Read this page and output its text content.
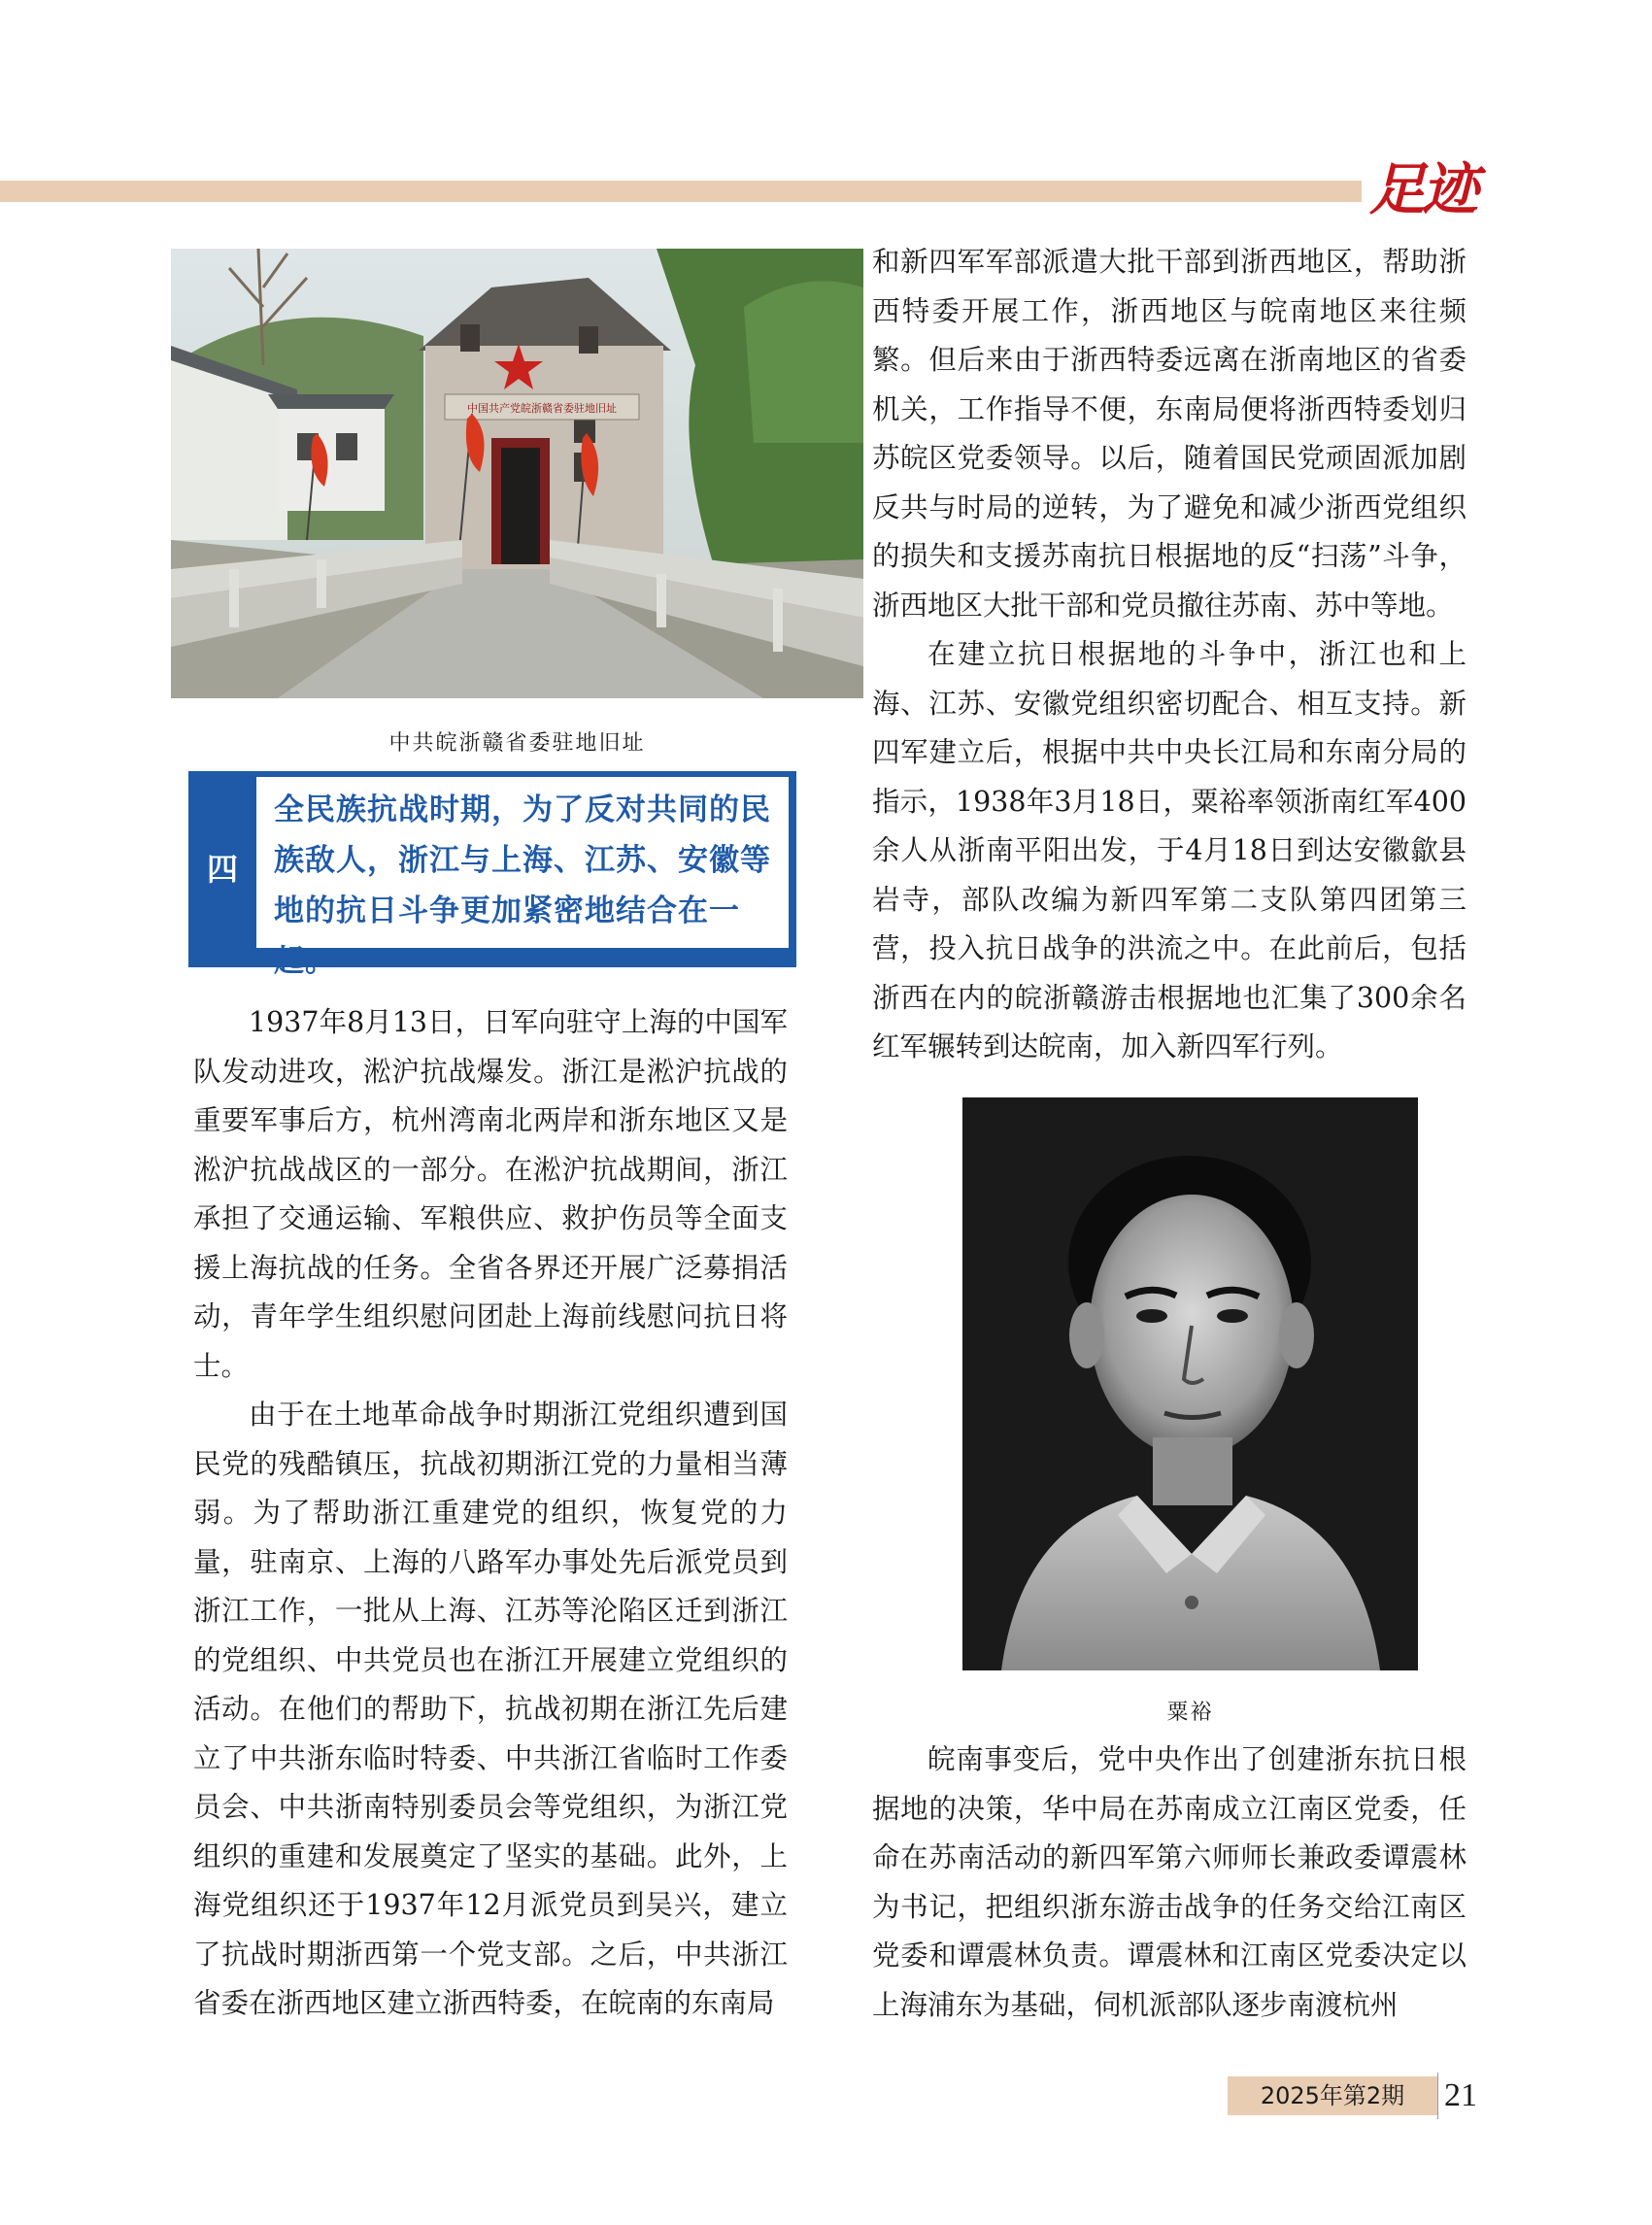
足迹
中国共产党皖浙赣省委驻地旧址
中共皖浙赣省委驻地旧址
四
全民族抗战时期，为了反对共同的民族敌人，浙江与上海、江苏、安徽等地的抗日斗争更加紧密地结合在一起。

1937年8月13日，日军向驻守上海的中国军队发动进攻，淞沪抗战爆发。浙江是淞沪抗战的重要军事后方，杭州湾南北两岸和浙东地区又是淞沪抗战战区的一部分。在淞沪抗战期间，浙江承担了交通运输、军粮供应、救护伤员等全面支援上海抗战的任务。全省各界还开展广泛募捐活动，青年学生组织慰问团赴上海前线慰问抗日将士。

由于在土地革命战争时期浙江党组织遭到国民党的残酷镇压，抗战初期浙江党的力量相当薄弱。为了帮助浙江重建党的组织，恢复党的力量，驻南京、上海的八路军办事处先后派党员到浙江工作，一批从上海、江苏等沦陷区迁到浙江的党组织、中共党员也在浙江开展建立党组织的活动。在他们的帮助下，抗战初期在浙江先后建立了中共浙东临时特委、中共浙江省临时工作委员会、中共浙南特别委员会等党组织，为浙江党组织的重建和发展奠定了坚实的基础。此外，上海党组织还于1937年12月派党员到吴兴，建立了抗战时期浙西第一个党支部。之后，中共浙江省委在浙西地区建立浙西特委，在皖南的东南局

和新四军军部派遣大批干部到浙西地区，帮助浙西特委开展工作，浙西地区与皖南地区来往频繁。但后来由于浙西特委远离在浙南地区的省委机关，工作指导不便，东南局便将浙西特委划归苏皖区党委领导。以后，随着国民党顽固派加剧反共与时局的逆转，为了避免和减少浙西党组织的损失和支援苏南抗日根据地的反“扫荡”斗争，浙西地区大批干部和党员撤往苏南、苏中等地。

在建立抗日根据地的斗争中，浙江也和上海、江苏、安徽党组织密切配合、相互支持。新四军建立后，根据中共中央长江局和东南分局的指示，1938年3月18日，粟裕率领浙南红军400余人从浙南平阳出发，于4月18日到达安徽歙县岩寺，部队改编为新四军第二支队第四团第三营，投入抗日战争的洪流之中。在此前后，包括浙西在内的皖浙赣游击根据地也汇集了300余名红军辗转到达皖南，加入新四军行列。

粟裕

皖南事变后，党中央作出了创建浙东抗日根据地的决策，华中局在苏南成立江南区党委，任命在苏南活动的新四军第六师师长兼政委谭震林为书记，把组织浙东游击战争的任务交给江南区党委和谭震林负责。谭震林和江南区党委决定以上海浦东为基础，伺机派部队逐步南渡杭州

2025年第2期	21
